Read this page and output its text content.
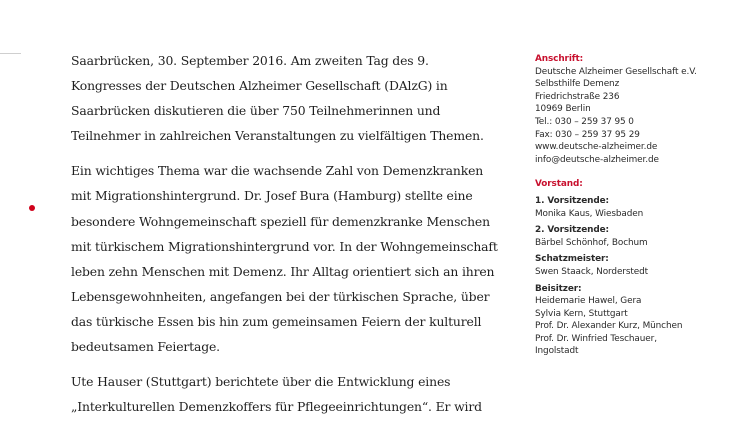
Saarbrücken, 30. September 2016. Am zweiten Tag des 9. Kongresses der Deutschen Alzheimer Gesellschaft (DAlzG) in Saarbrücken diskutieren die über 750 Teilnehmerinnen und Teilnehmer in zahlreichen Veranstaltungen zu vielfältigen Themen.

Ein wichtiges Thema war die wachsende Zahl von Demenzkranken mit Migrationshintergrund. Dr. Josef Bura (Hamburg) stellte eine besondere Wohngemeinschaft speziell für demenzkranke Menschen mit türkischem Migrationshintergrund vor. In der Wohngemeinschaft leben zehn Menschen mit Demenz. Ihr Alltag orientiert sich an ihren Lebensgewohnheiten, angefangen bei der türkischen Sprache, über das türkische Essen bis hin zum gemeinsamen Feiern der kulturell bedeutsamen Feiertage.

Ute Hauser (Stuttgart) berichtete über die Entwicklung eines „Interkulturellen Demenzkoffers für Pflegeeinrichtungen“. Er wird

Anschrift:
Deutsche Alzheimer Gesellschaft e.V.
Selbsthilfe Demenz
Friedrichstraße 236
10969 Berlin
Tel.: 030 – 259 37 95 0
Fax: 030 – 259 37 95 29
www.deutsche-alzheimer.de
info@deutsche-alzheimer.de
Vorstand:
1. Vorsitzende:
Monika Kaus, Wiesbaden
2. Vorsitzende:
Bärbel Schönhof, Bochum
Schatzmeister:
Swen Staack, Norderstedt
Beisitzer:
Heidemarie Hawel, Gera
Sylvia Kern, Stuttgart
Prof. Dr. Alexander Kurz, München
Prof. Dr. Winfried Teschauer,
Ingolstadt
